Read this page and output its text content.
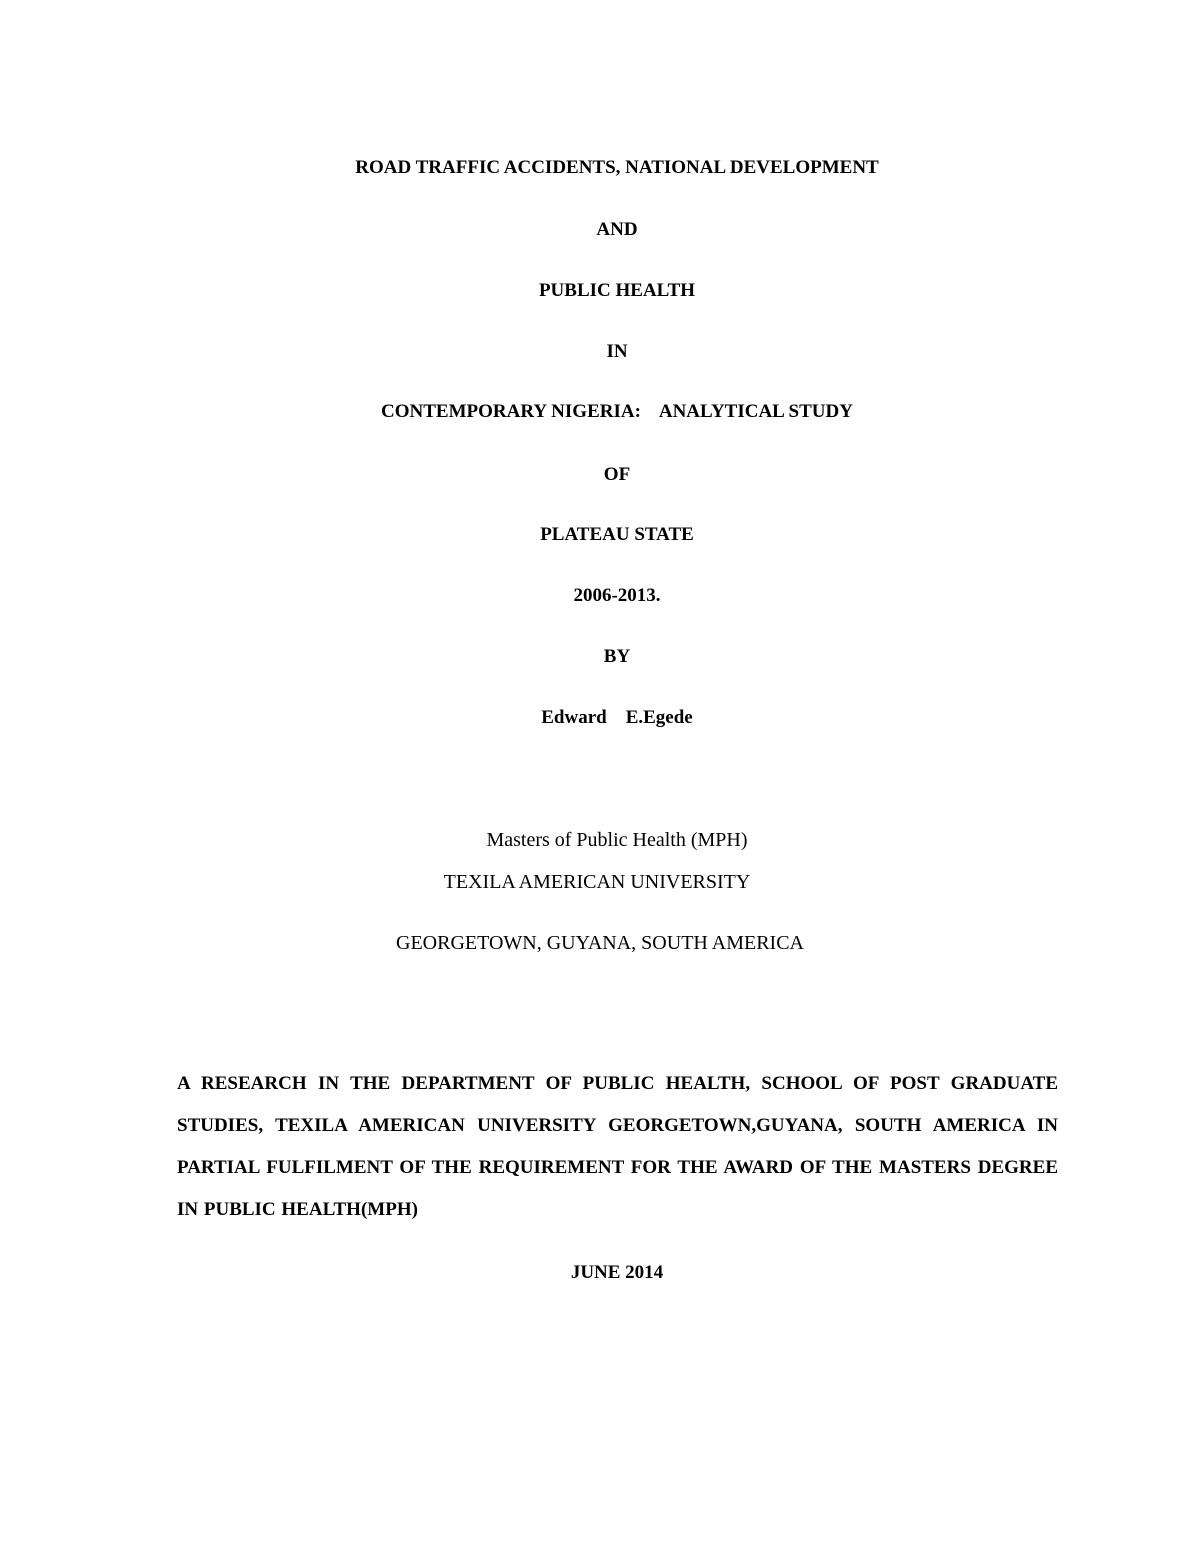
ROAD TRAFFIC ACCIDENTS, NATIONAL DEVELOPMENT
AND
PUBLIC HEALTH
IN
CONTEMPORARY NIGERIA:    ANALYTICAL STUDY
OF
PLATEAU STATE
2006-2013.
BY
Edward    E.Egede
Masters of Public Health (MPH)
TEXILA AMERICAN UNIVERSITY
GEORGETOWN, GUYANA, SOUTH AMERICA
A RESEARCH IN THE DEPARTMENT OF PUBLIC HEALTH, SCHOOL OF POST GRADUATE STUDIES, TEXILA AMERICAN UNIVERSITY GEORGETOWN,GUYANA, SOUTH AMERICA IN PARTIAL FULFILMENT OF THE REQUIREMENT FOR THE AWARD OF THE MASTERS DEGREE IN PUBLIC HEALTH(MPH)
JUNE 2014
